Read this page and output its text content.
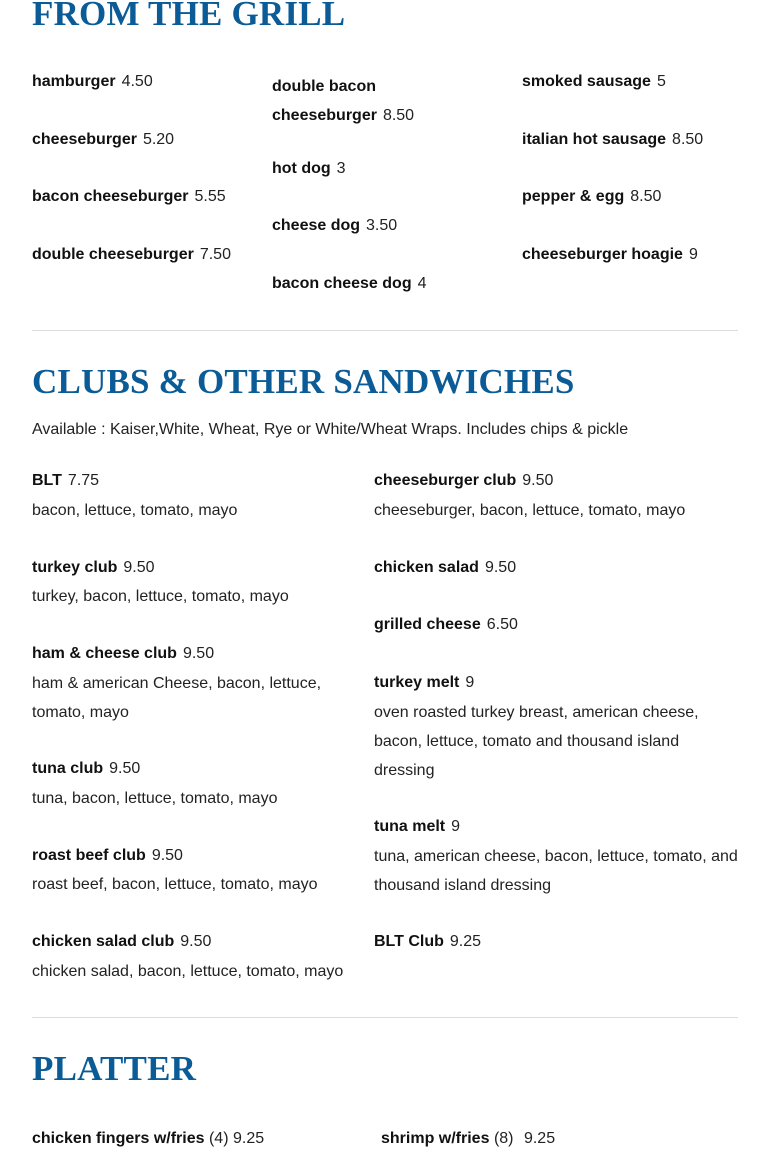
FROM THE GRILL
hamburger 4.50
cheeseburger 5.20
bacon cheeseburger 5.55
double cheeseburger 7.50
double bacon
cheeseburger 8.50
hot dog 3
cheese dog 3.50
bacon cheese dog 4
smoked sausage 5
italian hot sausage 8.50
pepper & egg 8.50
cheeseburger hoagie 9
CLUBS & OTHER SANDWICHES
Available : Kaiser,White, Wheat, Rye or White/Wheat Wraps. Includes chips & pickle
BLT 7.75
bacon, lettuce, tomato, mayo
turkey club 9.50
turkey, bacon, lettuce, tomato, mayo
ham & cheese club 9.50
ham & american Cheese, bacon, lettuce, tomato, mayo
tuna club 9.50
tuna, bacon, lettuce, tomato, mayo
roast beef club 9.50
roast beef, bacon, lettuce, tomato, mayo
chicken salad club 9.50
chicken salad, bacon, lettuce, tomato, mayo
cheeseburger club 9.50
cheeseburger, bacon, lettuce, tomato, mayo
chicken salad 9.50
grilled cheese 6.50
turkey melt 9
oven roasted turkey breast, american cheese, bacon, lettuce, tomato and thousand island dressing
tuna melt 9
tuna, american cheese, bacon, lettuce, tomato, and thousand island dressing
BLT Club 9.25
PLATTER
chicken fingers w/fries (4) 9.25	shrimp w/fries (8) 9.25
